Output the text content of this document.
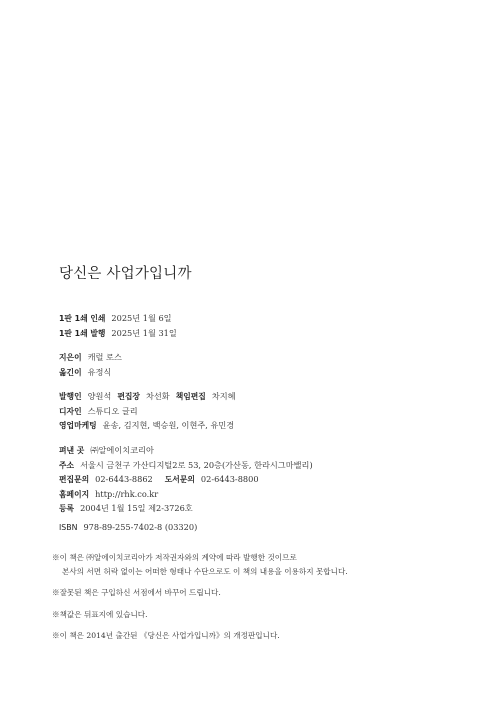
당신은 사업가입니까
1판 1쇄 인쇄 2025년 1월 6일
1판 1쇄 발행 2025년 1월 31일
지은이 캐럴 로스
옮긴이 유정식
발행인 양원석 편집장 차선화 책임편집 차지혜
디자인 스튜디오 글리
영업마케팅 윤송, 김지현, 백승원, 이현주, 유민경
펴낸 곳 ㈜알에이치코리아
주소 서울시 금천구 가산디지털2로 53, 20층(가산동, 한라시그마밸리)
편집문의 02-6443-8862 도서문의 02-6443-8800
홈페이지 http://rhk.co.kr
등록 2004년 1월 15일 제2-3726호
ISBN 978-89-255-7402-8 (03320)
※이 책은 ㈜알에이치코리아가 저작권자와의 계약에 따라 발행한 것이므로
본사의 서면 허락 없이는 어떠한 형태나 수단으로도 이 책의 내용을 이용하지 못합니다.
※잘못된 책은 구입하신 서점에서 바꾸어 드립니다.
※책값은 뒤표지에 있습니다.
※이 책은 2014년 출간된 《당신은 사업가입니까》의 개정판입니다.
